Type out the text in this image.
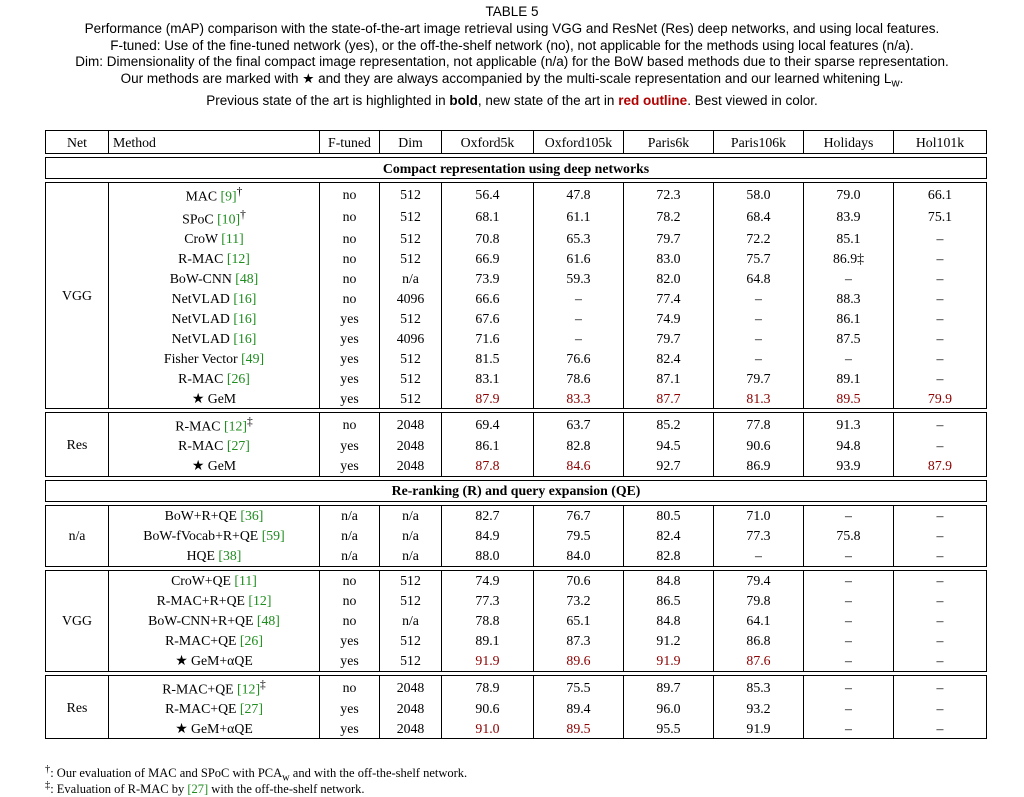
TABLE 5
Performance (mAP) comparison with the state-of-the-art image retrieval using VGG and ResNet (Res) deep networks, and using local features.
F-tuned: Use of the fine-tuned network (yes), or the off-the-shelf network (no), not applicable for the methods using local features (n/a).
Dim: Dimensionality of the final compact image representation, not applicable (n/a) for the BoW based methods due to their sparse representation.
Our methods are marked with ★ and they are always accompanied by the multi-scale representation and our learned whitening $L_w$.
Previous state of the art is highlighted in bold, new state of the art in red outline. Best viewed in color.
Net	Method	F-tuned	Dim	Oxford5k	Oxford105k	Paris6k	Paris106k	Holidays	Hol101k

Compact representation using deep networks									

VGG	MAC [9]†	no	512	56.4	47.8	72.3	58.0	79.0	66.1
	SPoC [10]†	no	512	68.1	61.1	78.2	68.4	83.9	75.1
	CroW [11]	no	512	70.8	65.3	79.7	72.2	85.1	–
	R-MAC [12]	no	512	66.9	61.6	83.0	75.7	86.9‡	–
	BoW-CNN [48]	no	n/a	73.9	59.3	82.0	64.8	–	–
	NetVLAD [16]	no	4096	66.6	–	77.4	–	88.3	–
	NetVLAD [16]	yes	512	67.6	–	74.9	–	86.1	–
	NetVLAD [16]	yes	4096	71.6	–	79.7	–	87.5	–
	Fisher Vector [49]	yes	512	81.5	76.6	82.4	–	–	–
	R-MAC [26]	yes	512	83.1	78.6	87.1	79.7	89.1	–
	★ GeM	yes	512	87.9	83.3	87.7	81.3	89.5	79.9

Res	R-MAC [12]‡	no	2048	69.4	63.7	85.2	77.8	91.3	–
	R-MAC [27]	yes	2048	86.1	82.8	94.5	90.6	94.8	–
	★ GeM	yes	2048	87.8	84.6	92.7	86.9	93.9	87.9

Re-ranking (R) and query expansion (QE)									

n/a	BoW+R+QE [36]	n/a	n/a	82.7	76.7	80.5	71.0	–	–
	BoW-fVocab+R+QE [59]	n/a	n/a	84.9	79.5	82.4	77.3	75.8	–
	HQE [38]	n/a	n/a	88.0	84.0	82.8	–	–	–

VGG	CroW+QE [11]	no	512	74.9	70.6	84.8	79.4	–	–
	R-MAC+R+QE [12]	no	512	77.3	73.2	86.5	79.8	–	–
	BoW-CNN+R+QE [48]	no	n/a	78.8	65.1	84.8	64.1	–	–
	R-MAC+QE [26]	yes	512	89.1	87.3	91.2	86.8	–	–
	★ GeM+αQE	yes	512	91.9	89.6	91.9	87.6	–	–

Res	R-MAC+QE [12]‡	no	2048	78.9	75.5	89.7	85.3	–	–
	R-MAC+QE [27]	yes	2048	90.6	89.4	96.0	93.2	–	–
	★ GeM+αQE	yes	2048	91.0	89.5	95.5	91.9	–	–
†: Our evaluation of MAC and SPoC with $PCA_w$ and with the off-the-shelf network.
‡: Evaluation of R-MAC by [27] with the off-the-shelf network.
